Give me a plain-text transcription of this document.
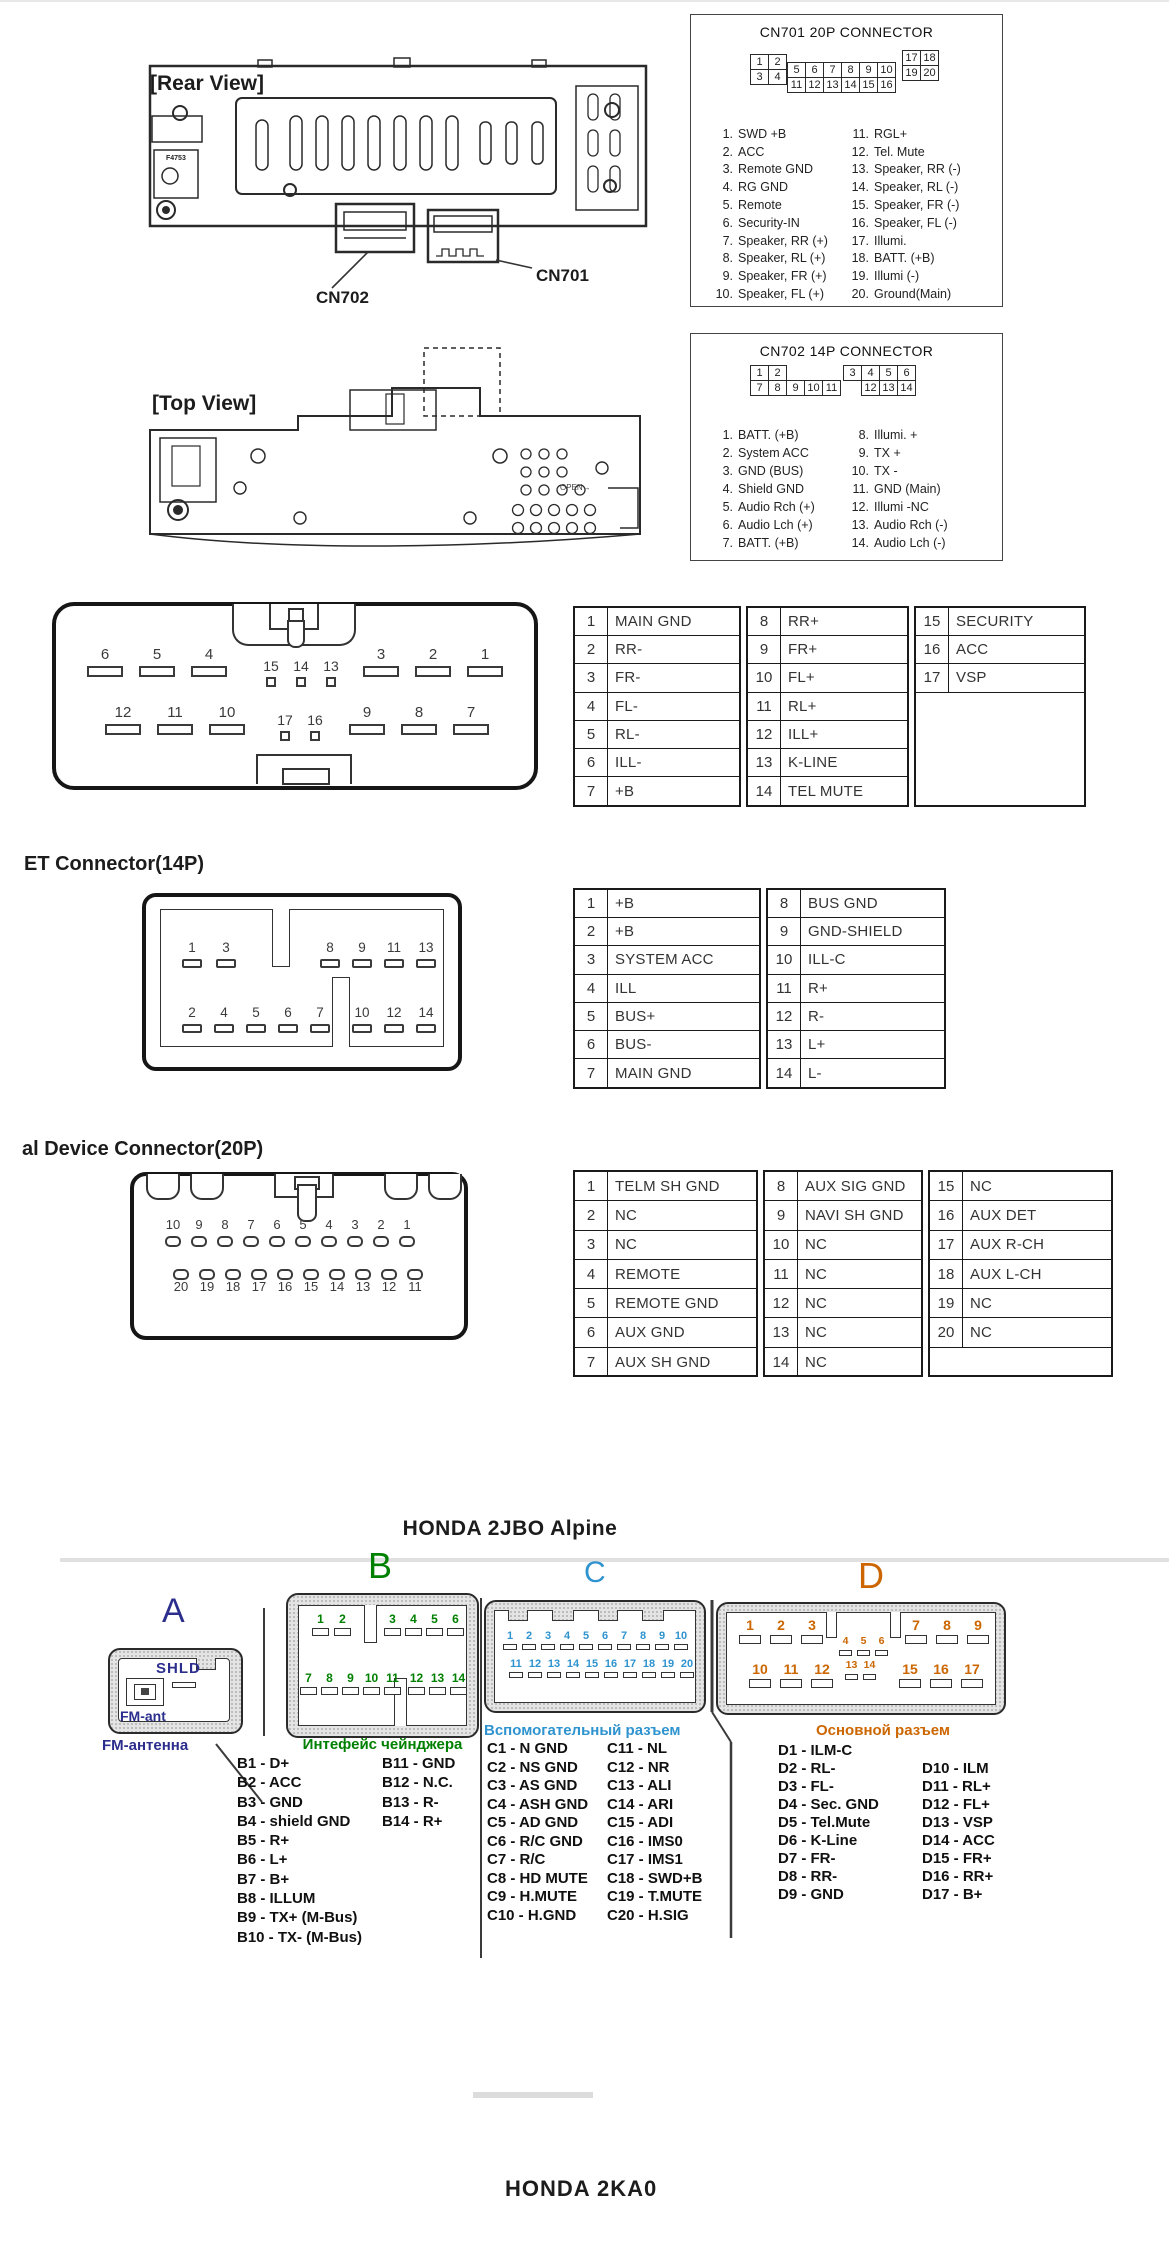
[Rear View]
F4753
CN702
CN701
CN701 20P CONNECTOR
1	2
3	4
5	6	7	8	9 10
11 12 13 14 15 16
17 18
19 20
1. SWD +B
2. ACC
3. Remote GND
4. RG GND
5. Remote
6. Security-IN
7. Speaker, RR (+)
8. Speaker, RL (+)
9. Speaker, FR (+)
10. Speaker, FL (+)
11. RGL+
12. Tel. Mute
13. Speaker, RR (-)
14. Speaker, RL (-)
15. Speaker, FR (-)
16. Speaker, FL (-)
17. Illumi.
18. BATT. (+B)
19. Illumi (-)
20. Ground(Main)
[Top View]
OPEN→
CN702 14P CONNECTOR
1	2	3	4	5	6
7	8	9 10 11	12 13 14
1. BATT. (+B)
2. System ACC
3. GND (BUS)
4. Shield GND
5. Audio Rch (+)
6. Audio Lch (+)
7. BATT. (+B)
8. Illumi. +
9. TX +
10. TX -
11. GND (Main)
12. Illumi -NC
13. Audio Rch (-)
14. Audio Lch (-)
6	5	4
15 14 13
3	2	1
12 11 10	17 16	9	8	7
1	MAIN GND
2	RR-
3	FR-
4	FL-
5	RL-
6	ILL-
7	+B
8	RR+
9	FR+
10	FL+
11	RL+
12	ILL+
13	K-LINE
14	TEL MUTE
15	SECURITY
16	ACC
17	VSP
ET Connector(14P)
1 3	8 9 11 13
2 4 5 6 7 10 12 14
1	+B
2	+B
3	SYSTEM ACC
4	ILL
5	BUS+
6	BUS-
7	MAIN GND
8	BUS GND
9	GND-SHIELD
10	ILL-C
11	R+
12	R-
13	L+
14	L-
al Device Connector(20P)
10 9 8 7 6 5 4 3 2 1
20 19 18 17 16 15 14 13 12 11
1	TELM SH GND
2	NC
3	NC
4	REMOTE
5	REMOTE GND
6	AUX GND
7	AUX SH GND
8	AUX SIG GND
9	NAVI SH GND
10	NC
11	NC
12	NC
13	NC
14	NC
15	NC
16	AUX DET
17	AUX R-CH
18	AUX L-CH
19	NC
20	NC
HONDA 2JBO Alpine
A
SHLD
FM-ant
FM-антенна
B
1 2	3 4 5 6
7 8 9 10 11 12 13 14
Интефейс чейнджера
C
1 2 3 4 5 6 7 8 9 10
11 12 13 14 15 16 17 18 19 20
Вспомогательный разъем
D
1 2 3
4 5 6
7 8 9
10 11 12 13 14 15 16 17
Основной разъем
B1 - D+
B2 - ACC
B3 - GND
B4 - shield GND
B5 - R+
B6 - L+
B7 - B+
B8 - ILLUM
B9 - TX+ (M-Bus)
B10 - TX- (M-Bus)
B11 - GND
B12 - N.C.
B13 - R-
B14 - R+
C1 - N GND
C2 - NS GND
C3 - AS GND
C4 - ASH GND
C5 - AD GND
C6 - R/C GND
C7 - R/C
C8 - HD MUTE
C9 - H.MUTE
C10 - H.GND
C11 - NL
C12 - NR
C13 - ALI
C14 - ARI
C15 - ADI
C16 - IMS0
C17 - IMS1
C18 - SWD+B
C19 - T.MUTE
C20 - H.SIG
D1 - ILM-C
D2 - RL-
D3 - FL-
D4 - Sec. GND
D5 - Tel.Mute
D6 - K-Line
D7 - FR-
D8 - RR-
D9 - GND
D10 - ILM
D11 - RL+
D12 - FL+
D13 - VSP
D14 - ACC
D15 - FR+
D16 - RR+
D17 - B+
HONDA 2KA0
